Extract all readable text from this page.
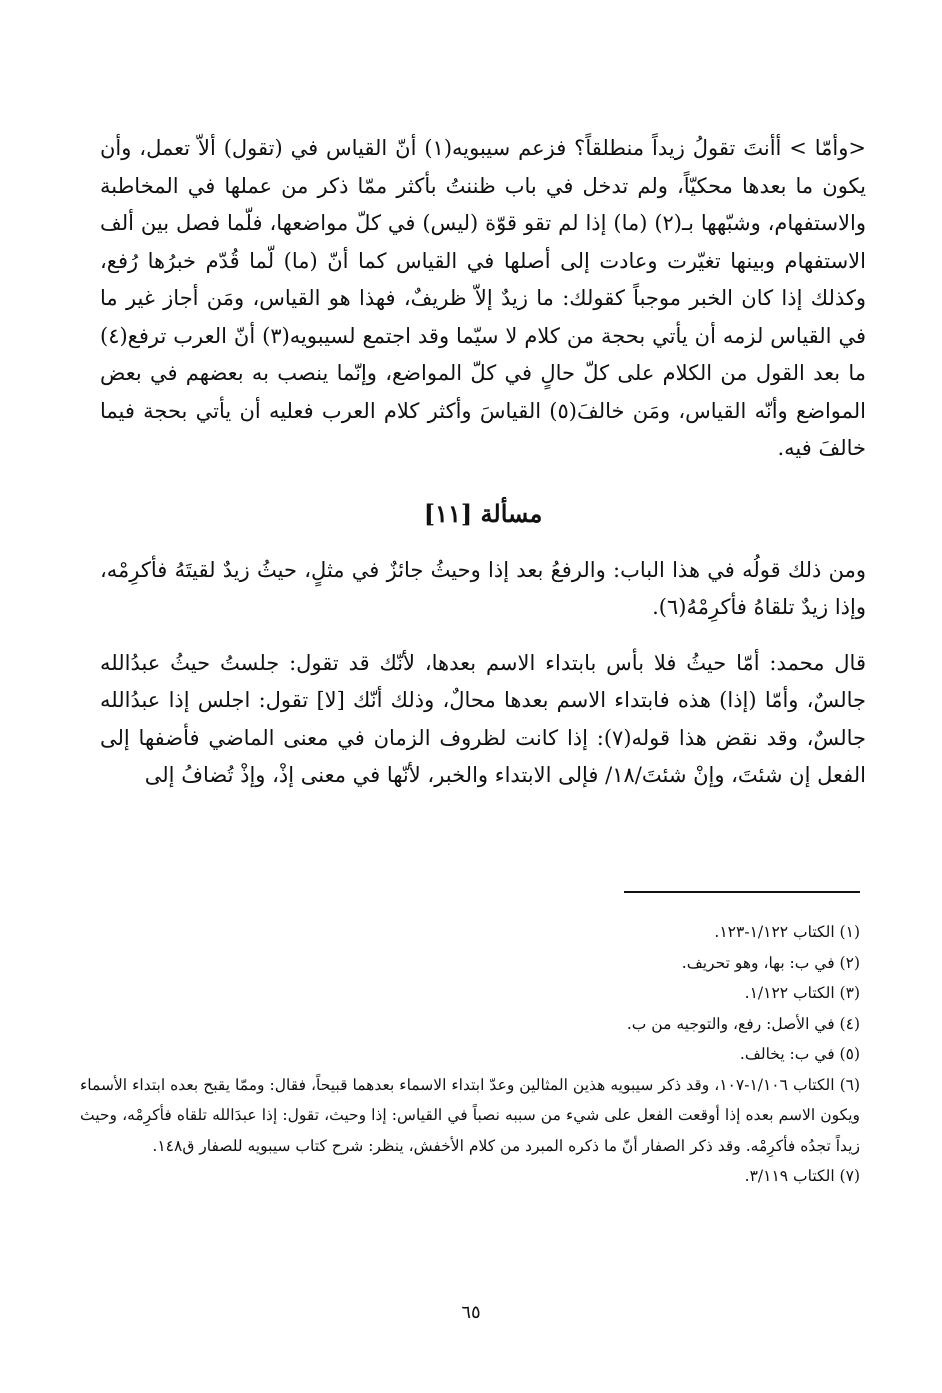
<وأمّا > أأنتَ تقولُ زيداً منطلقاً؟ فزعم سيبويه(١) أنّ القياس في (تقول) ألاّ تعمل، وأن يكون ما بعدها محكيّاً، ولم تدخل في باب ظننتُ بأكثر ممّا ذكر من عملها في المخاطبة والاستفهام، وشبّهها بـ(٢) (ما) إذا لم تقو قوّة (ليس) في كلّ مواضعها، فلّما فصل بين ألف الاستفهام وبينها تغيّرت وعادت إلى أصلها في القياس كما أنّ (ما) لّما قُدّم خبرُها رُفع، وكذلك إذا كان الخبر موجباً كقولك: ما زيدٌ إلاّ ظريفٌ، فهذا هو القياس، ومَن أجاز غير ما في القياس لزمه أن يأتي بحجة من كلام لا سيّما وقد اجتمع لسيبويه(٣) أنّ العرب ترفع(٤) ما بعد القول من الكلام على كلّ حالٍ في كلّ المواضع، وإنّما ينصب به بعضهم في بعض المواضع وأنّه القياس، ومَن خالفَ(٥) القياسَ وأكثر كلام العرب فعليه أن يأتي بحجة فيما خالفَ فيه.

مسألة [١١]

ومن ذلك قولُه في هذا الباب: والرفعُ بعد إذا وحيثُ جائزٌ في مثلٍ، حيثُ زيدٌ لقيتَهُ فأكرِمْه، وإذا زيدٌ تلقاهُ فأكرِمْهُ(٦).

قال محمد: أمّا حيثُ فلا بأس بابتداء الاسم بعدها، لأنّك قد تقول: جلستُ حيثُ عبدُالله جالسٌ، وأمّا (إذا) هذه فابتداء الاسم بعدها محالٌ، وذلك أنّك [لا] تقول: اجلس إذا عبدُالله جالسٌ، وقد نقض هذا قوله(٧): إذا كانت لظروف الزمان في معنى الماضي فأضفها إلى الفعل إن شئتَ، وإنْ شئتَ/١٨/ فإلى الابتداء والخبر، لأنّها في معنى إذْ، وإذْ تُضافُ إلى

(١) الكتاب ١/١٢٢-١٢٣.

(٢) في ب: بها، وهو تحريف.

(٣) الكتاب ١/١٢٢.

(٤) في الأصل: رفع، والتوجيه من ب.

(٥) في ب: يخالف.

(٦) الكتاب ١/١٠٦-١٠٧، وقد ذكر سيبويه هذين المثالين وعدّ ابتداء الاسماء بعدهما قبيحاً، فقال: وممّا يقبح بعده ابتداء الأسماء ويكون الاسم بعده إذا أوقعت الفعل على شيء من سببه نصباً في القياس: إذا وحيث، تقول: إذا عبدَالله تلقاه فأكرِمْه، وحيث زيداً تجدُه فأكرِمْه. وقد ذكر الصفار أنّ ما ذكره المبرد من كلام الأخفش، ينظر: شرح كتاب سيبويه للصفار ق١٤٨.

(٧) الكتاب ٣/١١٩.

٦٥
